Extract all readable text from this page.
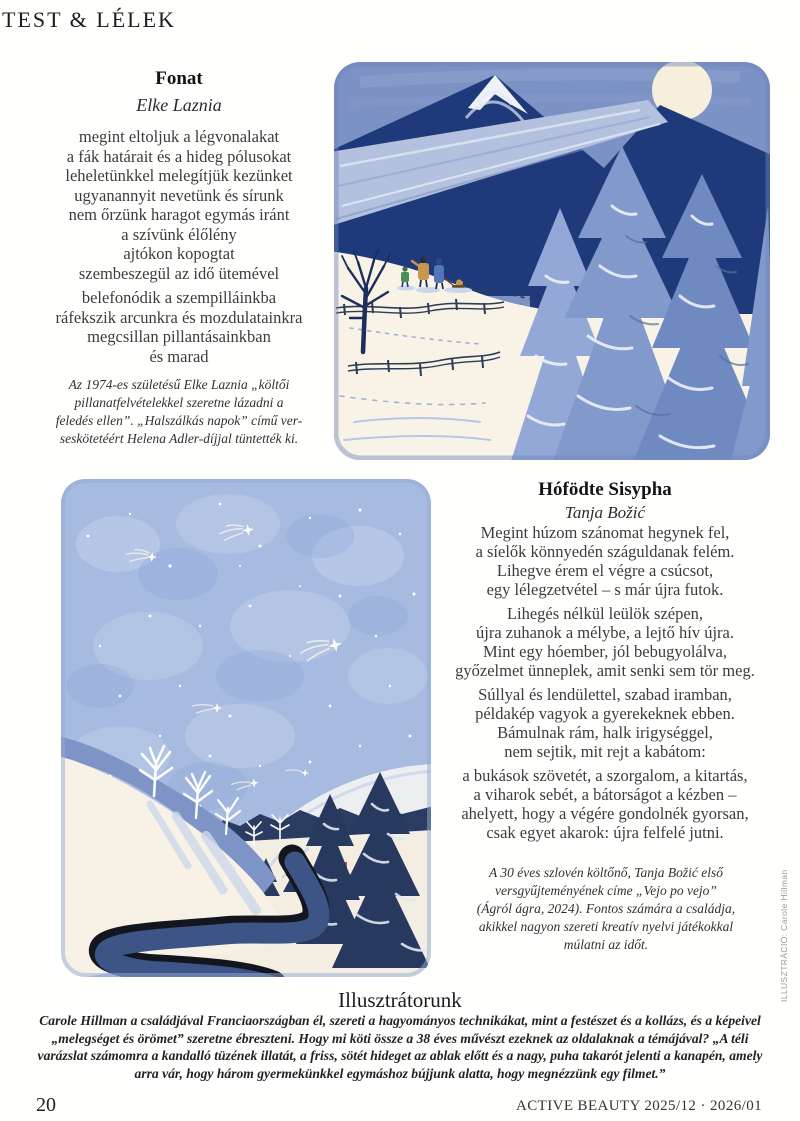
TEST & LÉLEK
Fonat
Elke Laznia
megint eltoljuk a légvonalakat
a fák határait és a hideg pólusokat
leheletünkkel melegítjük kezünket
ugyanannyit nevetünk és sírunk
nem őrzünk haragot egymás iránt
a szívünk élőlény
ajtókon kopogtat
szembeszegül az idő ütemével
belefonódik a szempilláinkba
ráfekszik arcunkra és mozdulatainkra
megcsillan pillantásainkban
és marad
Az 1974-es születésű Elke Laznia „költői
pillanatfelvételekkel szeretne lázadni a
feledés ellen”. „Halszálkás napok” című ver-
seskötetéért Helena Adler-díjjal tüntették ki.
Hófödte Sisypha
Tanja Božić
Megint húzom szánomat hegynek fel,
a síelők könnyedén száguldanak felém.
Lihegve érem el végre a csúcsot,
egy lélegzetvétel – s már újra futok.
Lihegés nélkül leülök szépen,
újra zuhanok a mélybe, a lejtő hív újra.
Mint egy hóember, jól bebugyolálva,
győzelmet ünneplek, amit senki sem tör meg.
Súllyal és lendülettel, szabad iramban,
példakép vagyok a gyerekeknek ebben.
Bámulnak rám, halk irigységgel,
nem sejtik, mit rejt a kabátom:
a bukások szövetét, a szorgalom, a kitartás,
a viharok sebét, a bátorságot a kézben –
ahelyett, hogy a végére gondolnék gyorsan,
csak egyet akarok: újra felfelé jutni.
A 30 éves szlovén költőnő, Tanja Božić első
versgyűjteményének címe „Vejo po vejo”
(Ágról ágra, 2024). Fontos számára a családja,
akikkel nagyon szereti kreatív nyelvi játékokkal
múlatni az időt.
Illusztrátorunk
Carole Hillman a családjával Franciaországban él, szereti a hagyományos technikákat, mint a festészet és a kollázs, és a képeivel
„melegséget és örömet” szeretne ébreszteni. Hogy mi köti össze a 38 éves művészt ezeknek az oldalaknak a témájával? „A téli
varázslat számomra a kandalló tüzének illatát, a friss, sötét hideget az ablak előtt és a nagy, puha takarót jelenti a kanapén, amely
arra vár, hogy három gyermekünkkel egymáshoz bújjunk alatta, hogy megnézzünk egy filmet.”
20	ACTIVE BEAUTY 2025/12 · 2026/01
ILLUSZTRÁCIÓ: Carole Hillman
